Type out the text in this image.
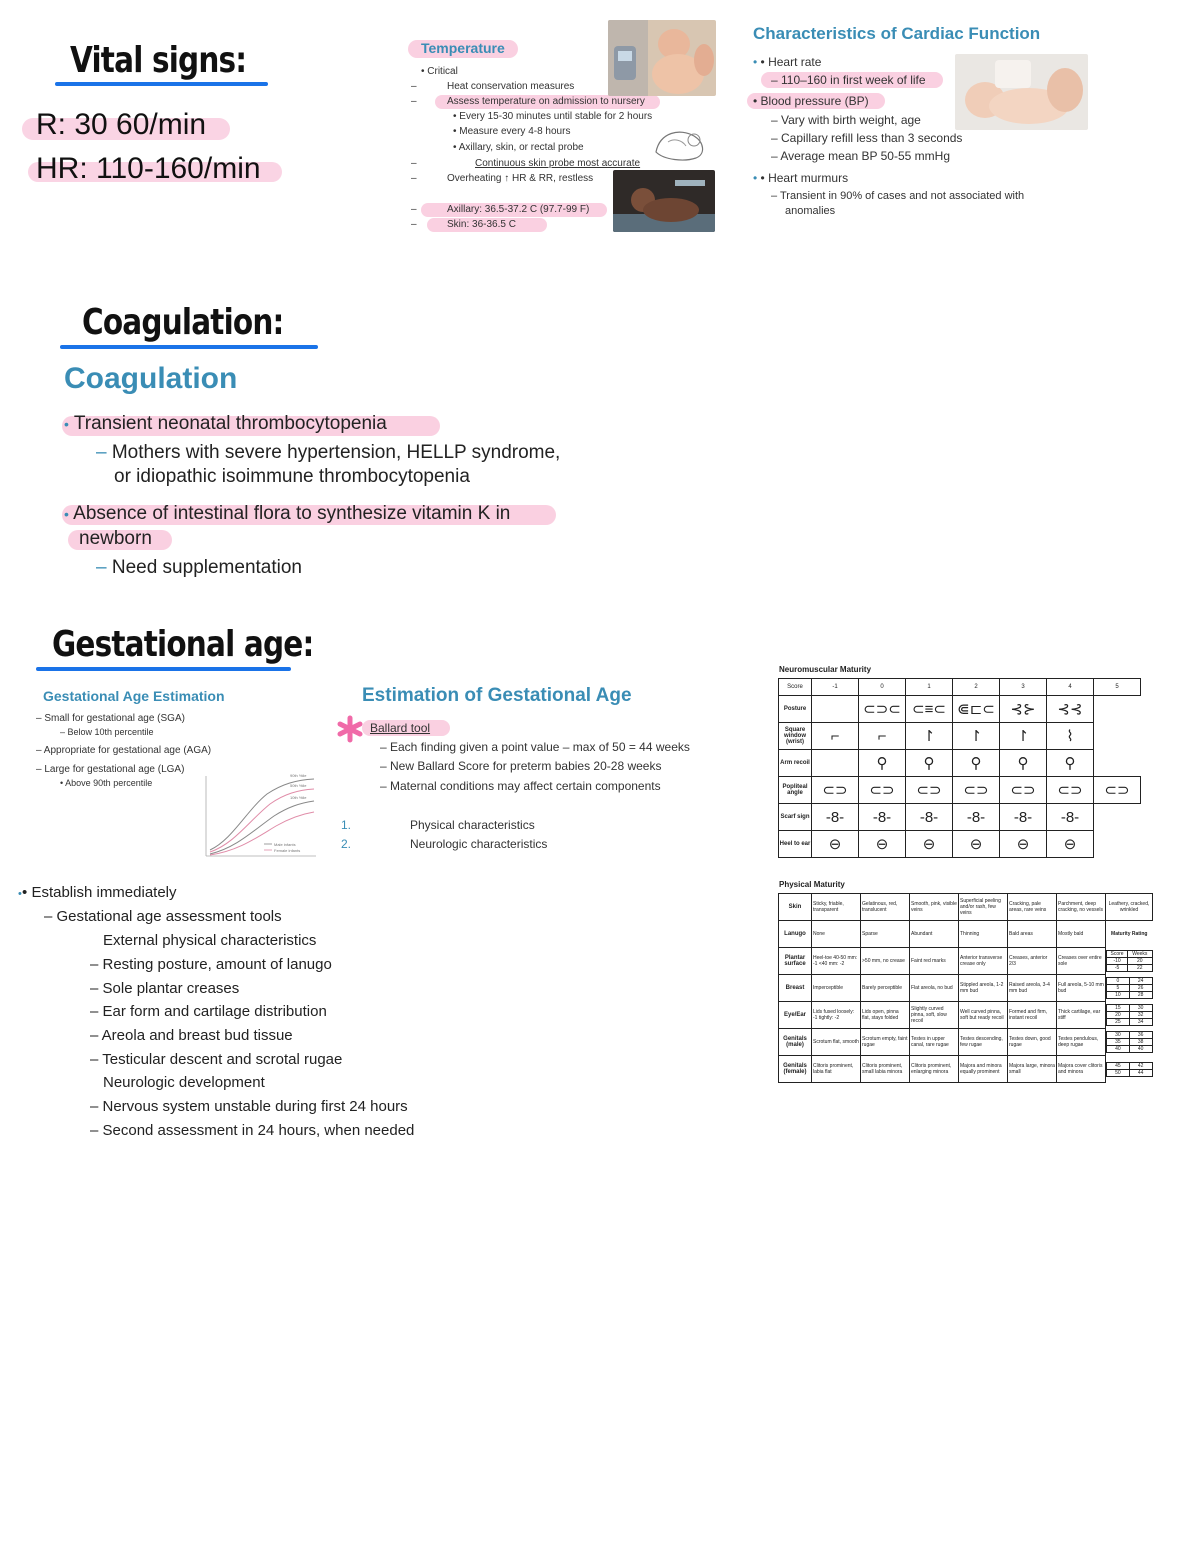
Vital signs:
R: 30 60/min
HR: 110-160/min
Temperature
• Critical
–	Heat conservation measures
–	Assess temperature on admission to nursery
• Every 15-30 minutes until stable for 2 hours
• Measure every 4-8 hours
• Axillary, skin, or rectal probe
–	Continuous skin probe most accurate
–	Overheating ↑ HR & RR, restless
–	Axillary: 36.5-37.2 C (97.7-99 F)
–	Skin: 36-36.5 C
Characteristics of Cardiac Function
• • Heart rate
– 110–160 in first week of life
• Blood pressure (BP)
– Vary with birth weight, age
– Capillary refill less than 3 seconds
– Average mean BP 50-55 mmHg
• • Heart murmurs
– Transient in 90% of cases and not associated with
anomalies
Coagulation:
Coagulation
• Transient neonatal thrombocytopenia
– Mothers with severe hypertension, HELLP syndrome,
or idiopathic isoimmune thrombocytopenia
• Absence of intestinal flora to synthesize vitamin K in
newborn
– Need supplementation
Gestational age:
Gestational Age Estimation
– Small for gestational age (SGA)
– Below 10th percentile
– Appropriate for gestational age (AGA)
– Large for gestational age (LGA)
• Above 90th percentile
90th %ile
50th %ile
10th %ile
Male infants
Female infants
Estimation of Gestational Age
Ballard tool
– Each finding given a point value – max of 50 = 44 weeks
– New Ballard Score for preterm babies 20-28 weeks
– Maternal conditions may affect certain components
1.	Physical characteristics
2.	Neurologic characteristics
• • Establish immediately
– Gestational age assessment tools
External physical characteristics
– Resting posture, amount of lanugo
– Sole plantar creases
– Ear form and cartilage distribution
– Areola and breast bud tissue
– Testicular descent and scrotal rugae
Neurologic development
– Nervous system unstable during first 24 hours
– Second assessment in 24 hours, when needed
Neuromuscular Maturity
Score	-1	0	1	2	3	4	5
Posture		⊂⊃⊂	⊂≡⊂	⋐⊏⊂	⊰⊱	⊰⊰	
Square window (wrist)	⌐	⌐	↾	↾	↾	⌇	
Arm recoil		⚲	⚲	⚲	⚲	⚲	
Popliteal angle	⊂⊃	⊂⊃	⊂⊃	⊂⊃	⊂⊃	⊂⊃	⊂⊃
Scarf sign	-8-	-8-	-8-	-8-	-8-	-8-	
Heel to ear	⊖	⊖	⊖	⊖	⊖	⊖	
Physical Maturity
Skin	Sticky, friable, transparent	Gelatinous, red, translucent	Smooth, pink, visible veins	Superficial peeling and/or rash, few veins	Cracking, pale areas, rare veins	Parchment, deep cracking, no vessels	Leathery, cracked, wrinkled
Lanugo	None	Sparse	Abundant	Thinning	Bald areas	Mostly bald	Maturity Rating
Plantar surface	Heel-toe 40-50 mm: -1 <40 mm: -2	>50 mm, no crease	Faint red marks	Anterior transverse crease only	Creases, anterior 2/3	Creases over entire sole	
Score	Weeks
-10	20
-5	22

Breast	Imperceptible	Barely perceptible	Flat areola, no bud	Stippled areola, 1-2 mm bud	Raised areola, 3-4 mm bud	Full areola, 5-10 mm bud	
0	24
5	26
10	28

Eye/Ear	Lids fused loosely: -1 tightly: -2	Lids open, pinna flat, stays folded	Slightly curved pinna, soft, slow recoil	Well curved pinna, soft but ready recoil	Formed and firm, instant recoil	Thick cartilage, ear stiff	
15	30
20	32
25	34

Genitals (male)	Scrotum flat, smooth	Scrotum empty, faint rugae	Testes in upper canal, rare rugae	Testes descending, few rugae	Testes down, good rugae	Testes pendulous, deep rugae	
30	36
35	38
40	40

Genitals (female)	Clitoris prominent, labia flat	Clitoris prominent, small labia minora	Clitoris prominent, enlarging minora	Majora and minora equally prominent	Majora large, minora small	Majora cover clitoris and minora	
45	42
50	44
